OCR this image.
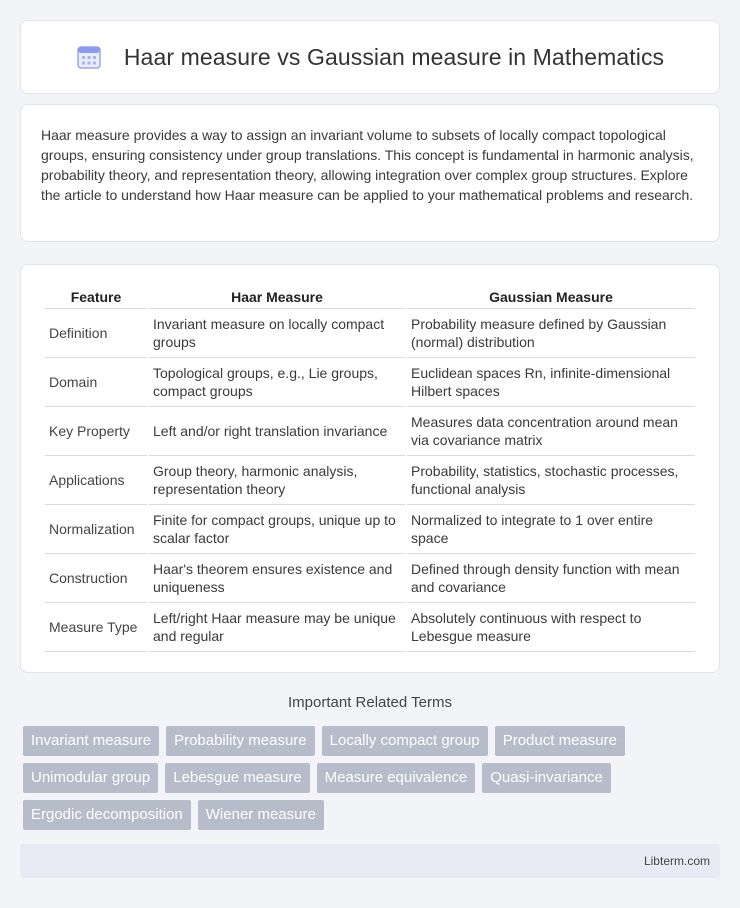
Haar measure vs Gaussian measure in Mathematics

Haar measure provides a way to assign an invariant volume to subsets of locally compact topological groups, ensuring consistency under group translations. This concept is fundamental in harmonic analysis, probability theory, and representation theory, allowing integration over complex group structures. Explore the article to understand how Haar measure can be applied to your mathematical problems and research.

Feature	Haar Measure	Gaussian Measure
Definition	Invariant measure on locally compact groups	Probability measure defined by Gaussian (normal) distribution
Domain	Topological groups, e.g., Lie groups, compact groups	Euclidean spaces Rn, infinite-dimensional Hilbert spaces
Key Property	Left and/or right translation invariance	Measures data concentration around mean via covariance matrix
Applications	Group theory, harmonic analysis, representation theory	Probability, statistics, stochastic processes, functional analysis
Normalization	Finite for compact groups, unique up to scalar factor	Normalized to integrate to 1 over entire space
Construction	Haar's theorem ensures existence and uniqueness	Defined through density function with mean and covariance
Measure Type	Left/right Haar measure may be unique and regular	Absolutely continuous with respect to Lebesgue measure
Important Related Terms
Invariant measure	Probability measure	Locally compact group	Product measure
Unimodular group	Lebesgue measure	Measure equivalence	Quasi-invariance
Ergodic decomposition	Wiener measure
Libterm.com
